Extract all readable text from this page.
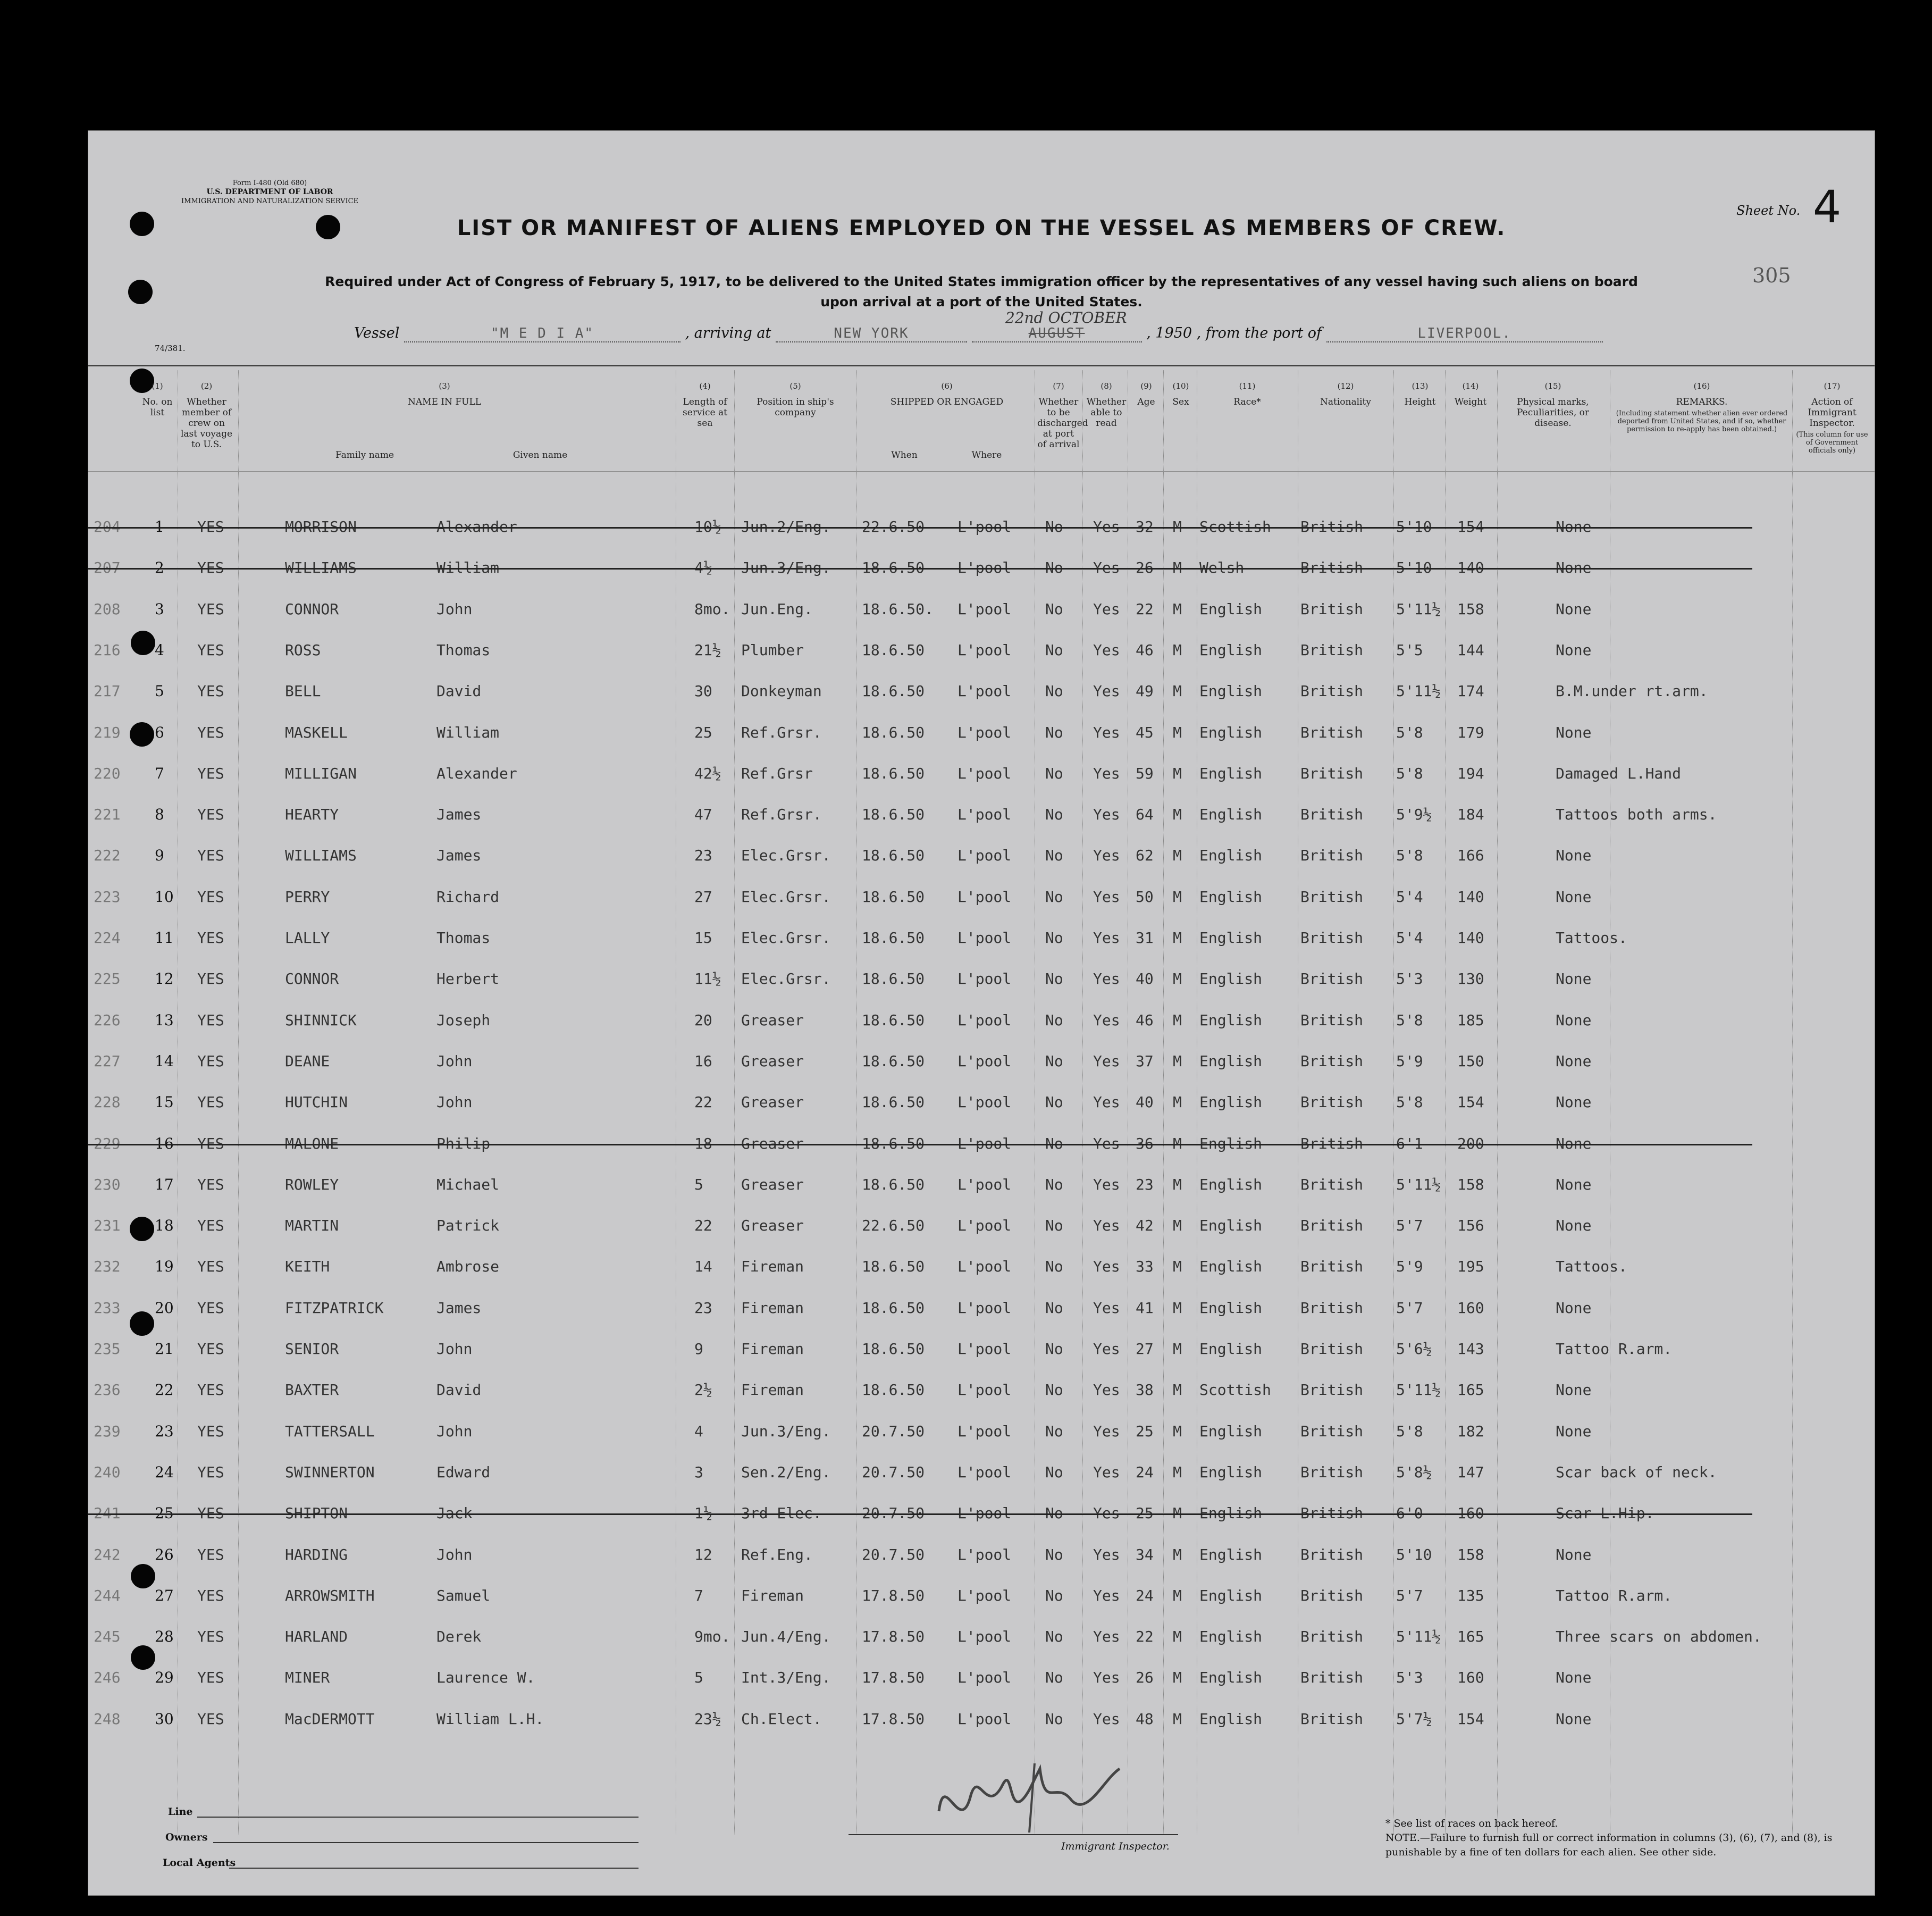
Form I-480 (Old 680)
U.S. DEPARTMENT OF LABOR
IMMIGRATION AND NATURALIZATION SERVICE
Sheet No. 4
LIST OR MANIFEST OF ALIENS EMPLOYED ON THE VESSEL AS MEMBERS OF CREW.
Required under Act of Congress of February 5, 1917, to be delivered to the United States immigration officer by the representatives of any vessel having such aliens on board
upon arrival at a port of the United States.
305
74/381.
22nd OCTOBER
Vessel	"M E D I A"	, arriving at	NEW YORK	AUGUST	, 1950 , from the port of	LIVERPOOL.
(1)
No. on list
(2)
Whether member of crew on last voyage to U.S.
(3)
NAME IN FULL
Family name	Given name
(4)
Length of service at sea
(5)
Position in ship's company
(6)
SHIPPED OR ENGAGED
When	Where
(7)
Whether to be discharged at port of arrival
(8)
Whether able to read
(9)
Age
(10)
Sex
(11)
Race*
(12)
Nationality
(13)
Height
(14)
Weight
(15)
Physical marks, Peculiarities, or disease.
(16)
REMARKS.

(Including statement whether alien ever ordered deported from United States, and if so, whether permission to re-apply has been obtained.)
(17)
Action of Immigrant Inspector.

(This column for use of Government officials only)
204 1 YES	MORRISON	Alexander	10½ Jun.2/Eng. 22.6.50 L'pool No Yes 32 M Scottish British 5'10 154	None
207 2 YES	WILLIAMS	William	4½ Jun.3/Eng. 18.6.50 L'pool No Yes 26 M Welsh	British 5'10 140	None
208 3 YES	CONNOR	John	8mo. Jun.Eng.	18.6.50. L'pool No Yes 22 M English	British 5'11½ 158	None
216 4 YES	ROSS	Thomas	21½ Plumber	18.6.50 L'pool No Yes 46 M English	British 5'5 144	None
217 5 YES	BELL	David	30 Donkeyman	18.6.50 L'pool No Yes 49 M English	British 5'11½ 174	B.M.under rt.arm.
219 6 YES	MASKELL	William	25 Ref.Grsr.	18.6.50 L'pool No Yes 45 M English	British 5'8 179	None
220 7 YES	MILLIGAN	Alexander	42½ Ref.Grsr	18.6.50 L'pool No Yes 59 M English	British 5'8 194	Damaged L.Hand
221 8 YES	HEARTY	James	47 Ref.Grsr.	18.6.50 L'pool No Yes 64 M English	British 5'9½ 184	Tattoos both arms.
222 9 YES	WILLIAMS	James	23 Elec.Grsr. 18.6.50 L'pool No Yes 62 M English	British 5'8 166	None
223 10 YES	PERRY	Richard	27 Elec.Grsr. 18.6.50 L'pool No Yes 50 M English	British 5'4 140	None
224 11 YES	LALLY	Thomas	15 Elec.Grsr. 18.6.50 L'pool No Yes 31 M English	British 5'4 140	Tattoos.
225 12 YES	CONNOR	Herbert	11½ Elec.Grsr. 18.6.50 L'pool No Yes 40 M English	British 5'3 130	None
226 13 YES	SHINNICK	Joseph	20 Greaser	18.6.50 L'pool No Yes 46 M English	British 5'8 185	None
227 14 YES	DEANE	John	16 Greaser	18.6.50 L'pool No Yes 37 M English	British 5'9 150	None
228 15 YES	HUTCHIN	John	22 Greaser	18.6.50 L'pool No Yes 40 M English	British 5'8 154	None
229 16 YES	MALONE	Philip	18 Greaser	18.6.50 L'pool No Yes 36 M English	British 6'1 200	None
230 17 YES	ROWLEY	Michael	5	Greaser	18.6.50 L'pool No Yes 23 M English	British 5'11½ 158	None
231 18 YES	MARTIN	Patrick	22 Greaser	22.6.50 L'pool No Yes 42 M English	British 5'7 156	None
232 19 YES	KEITH	Ambrose	14 Fireman	18.6.50 L'pool No Yes 33 M English	British 5'9 195	Tattoos.
233 20 YES	FITZPATRICK	James	23 Fireman	18.6.50 L'pool No Yes 41 M English	British 5'7 160	None
235 21 YES	SENIOR	John	9	Fireman	18.6.50 L'pool No Yes 27 M English	British 5'6½ 143	Tattoo R.arm.
236 22 YES	BAXTER	David	2½ Fireman	18.6.50 L'pool No Yes 38 M Scottish British 5'11½ 165	None
239 23 YES	TATTERSALL	John	4	Jun.3/Eng. 20.7.50 L'pool No Yes 25 M English	British 5'8 182	None
240 24 YES	SWINNERTON	Edward	3	Sen.2/Eng. 20.7.50 L'pool No Yes 24 M English	British 5'8½ 147	Scar back of neck.
241 25 YES	SHIPTON	Jack	1½ 3rd Elec.	20.7.50 L'pool No Yes 25 M English	British 6'0 160	Scar L.Hip.
242 26 YES	HARDING	John	12 Ref.Eng.	20.7.50 L'pool No Yes 34 M English	British 5'10 158	None
244 27 YES	ARROWSMITH	Samuel	7	Fireman	17.8.50 L'pool No Yes 24 M English	British 5'7 135	Tattoo R.arm.
245 28 YES	HARLAND	Derek	9mo. Jun.4/Eng. 17.8.50 L'pool No Yes 22 M English	British 5'11½ 165	Three scars on abdomen.
246 29 YES	MINER	Laurence W.	5	Int.3/Eng. 17.8.50 L'pool No Yes 26 M English	British 5'3 160	None
248 30 YES	MacDERMOTT	William L.H.	23½ Ch.Elect.	17.8.50 L'pool No Yes 48 M English	British 5'7½ 154	None
Line
Owners
Local Agents
Immigrant Inspector.
* See list of races on back hereof.
NOTE.—Failure to furnish full or correct information in columns (3), (6), (7), and (8), is punishable by a fine of ten dollars for each alien. See other side.
